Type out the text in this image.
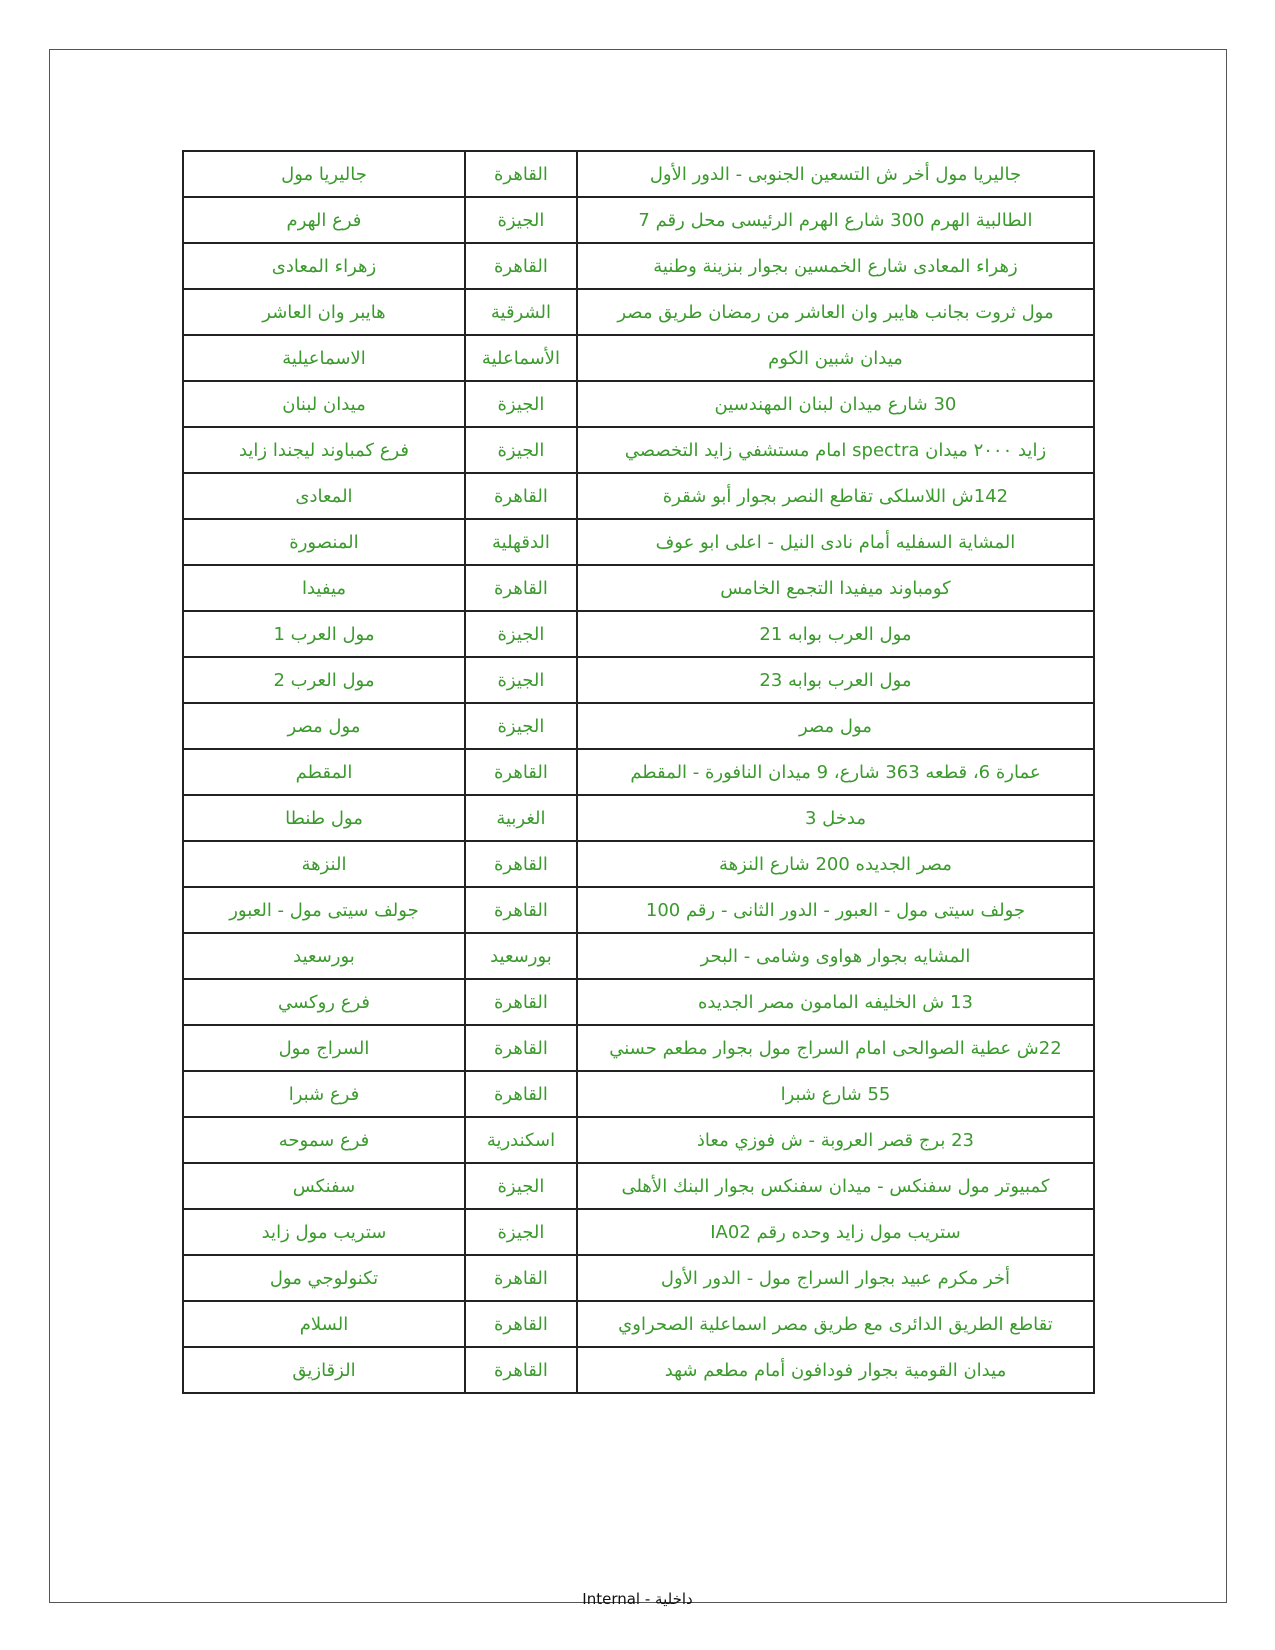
جاليريا مول أخر ش التسعين الجنوبى - الدور الأول	القاهرة	جاليريا مول
الطالبية الهرم 300 شارع الهرم الرئيسى محل رقم 7	الجيزة	فرع الهرم
زهراء المعادى شارع الخمسين بجوار بنزينة وطنية	القاهرة	زهراء المعادى
مول ثروت بجانب هايبر وان العاشر من رمضان طريق مصر	الشرقية	هايبر وان العاشر
ميدان شبين الكوم	الأسماعلية	الاسماعيلية
30 شارع ميدان لبنان المهندسين	الجيزة	ميدان لبنان
زايد ٢٠٠٠ ميدان spectra امام مستشفي زايد التخصصي	الجيزة	فرع كمباوند ليجندا زايد
142ش اللاسلكى تقاطع النصر بجوار أبو شقرة	القاهرة	المعادى
المشاية السفليه أمام نادى النيل - اعلى ابو عوف	الدقهلية	المنصورة
كومباوند ميفيدا التجمع الخامس	القاهرة	ميفيدا
مول العرب بوابه 21	الجيزة	مول العرب 1
مول العرب بوابه 23	الجيزة	مول العرب 2
مول مصر	الجيزة	مول مصر
عمارة 6، قطعه 363 شارع، 9 ميدان النافورة - المقطم	القاهرة	المقطم
مدخل 3	الغربية	مول طنطا
مصر الجديده 200 شارع النزهة	القاهرة	النزهة
جولف سيتى مول - العبور - الدور الثانى - رقم 100	القاهرة	جولف سيتى مول - العبور
المشايه بجوار هواوى وشامى - البحر	بورسعيد	بورسعيد
13 ش الخليفه المامون مصر الجديده	القاهرة	فرع روكسي
22ش عطية الصوالحى امام السراج مول بجوار مطعم حسني	القاهرة	السراج مول
55 شارع شبرا	القاهرة	فرع شبرا
23 برج قصر العروبة - ش فوزي معاذ	اسكندرية	فرع سموحه
كمبيوتر مول سفنكس - ميدان سفنكس بجوار البنك الأهلى	الجيزة	سفنكس
ستريب مول زايد وحده رقم IA02	الجيزة	ستريب مول زايد
أخر مكرم عبيد بجوار السراج مول - الدور الأول	القاهرة	تكنولوجي مول
تقاطع الطريق الدائرى مع طريق مصر اسماعلية الصحراوي	القاهرة	السلام
ميدان القومية بجوار فودافون أمام مطعم شهد	القاهرة	الزقازيق
Internal - داخلية
